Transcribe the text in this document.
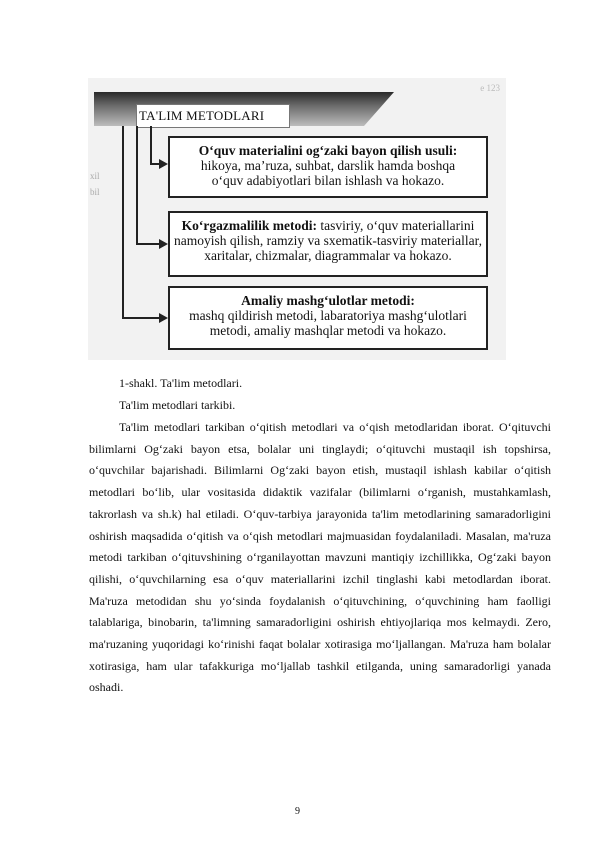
TA'LIM METODLARI
e 123
xil
bil
O‘quv materialini og‘zaki bayon qilish usuli:
hikoya, ma’ruza, suhbat, darslik hamda boshqa
o‘quv adabiyotlari bilan ishlash va hokazo.
Ko‘rgazmalilik metodi: tasviriy, o‘quv materiallarini
namoyish qilish, ramziy va sxematik-tasviriy materiallar,
xaritalar, chizmalar, diagrammalar va hokazo.
Amaliy mashg‘ulotlar metodi:
mashq qildirish metodi, labaratoriya mashg‘ulotlari
metodi, amaliy mashqlar metodi va hokazo.
1-shakl. Ta'lim metodlari.
Ta'lim metodlari tarkibi.
Ta'lim metodlari tarkiban o‘qitish metodlari va o‘qish metodlaridan iborat. O‘qituvchi bilimlarni Og‘zaki bayon etsa, bolalar uni tinglaydi; o‘qituvchi mustaqil ish topshirsa, o‘quvchilar bajarishadi. Bilimlarni Og‘zaki bayon etish, mustaqil ishlash kabilar o‘qitish metodlari bo‘lib, ular vositasida didaktik vazifalar (bilimlarni o‘rganish, mustahkamlash, takrorlash va sh.k) hal etiladi. O‘quv-tarbiya jarayonida ta'lim metodlarining samaradorligini oshirish maqsadida o‘qitish va o‘qish metodlari majmuasidan foydalaniladi. Masalan, ma'ruza metodi tarkiban o‘qituvshining o‘rganilayottan mavzuni mantiqiy izchillikka, Og‘zaki bayon qilishi, o‘quvchilarning esa o‘quv materiallarini izchil tinglashi kabi metodlardan iborat. Ma'ruza metodidan shu yo‘sinda foydalanish o‘qituvchining, o‘quvchining ham faolligi talablariga, binobarin, ta'limning samaradorligini oshirish ehtiyojlariqa mos kelmaydi. Zero, ma'ruzaning yuqoridagi ko‘rinishi faqat bolalar xotirasiga mo‘ljallangan. Ma'ruza ham bolalar xotirasiga, ham ular tafakkuriga mo‘ljallab tashkil etilganda, uning samaradorligi yanada oshadi.
9
